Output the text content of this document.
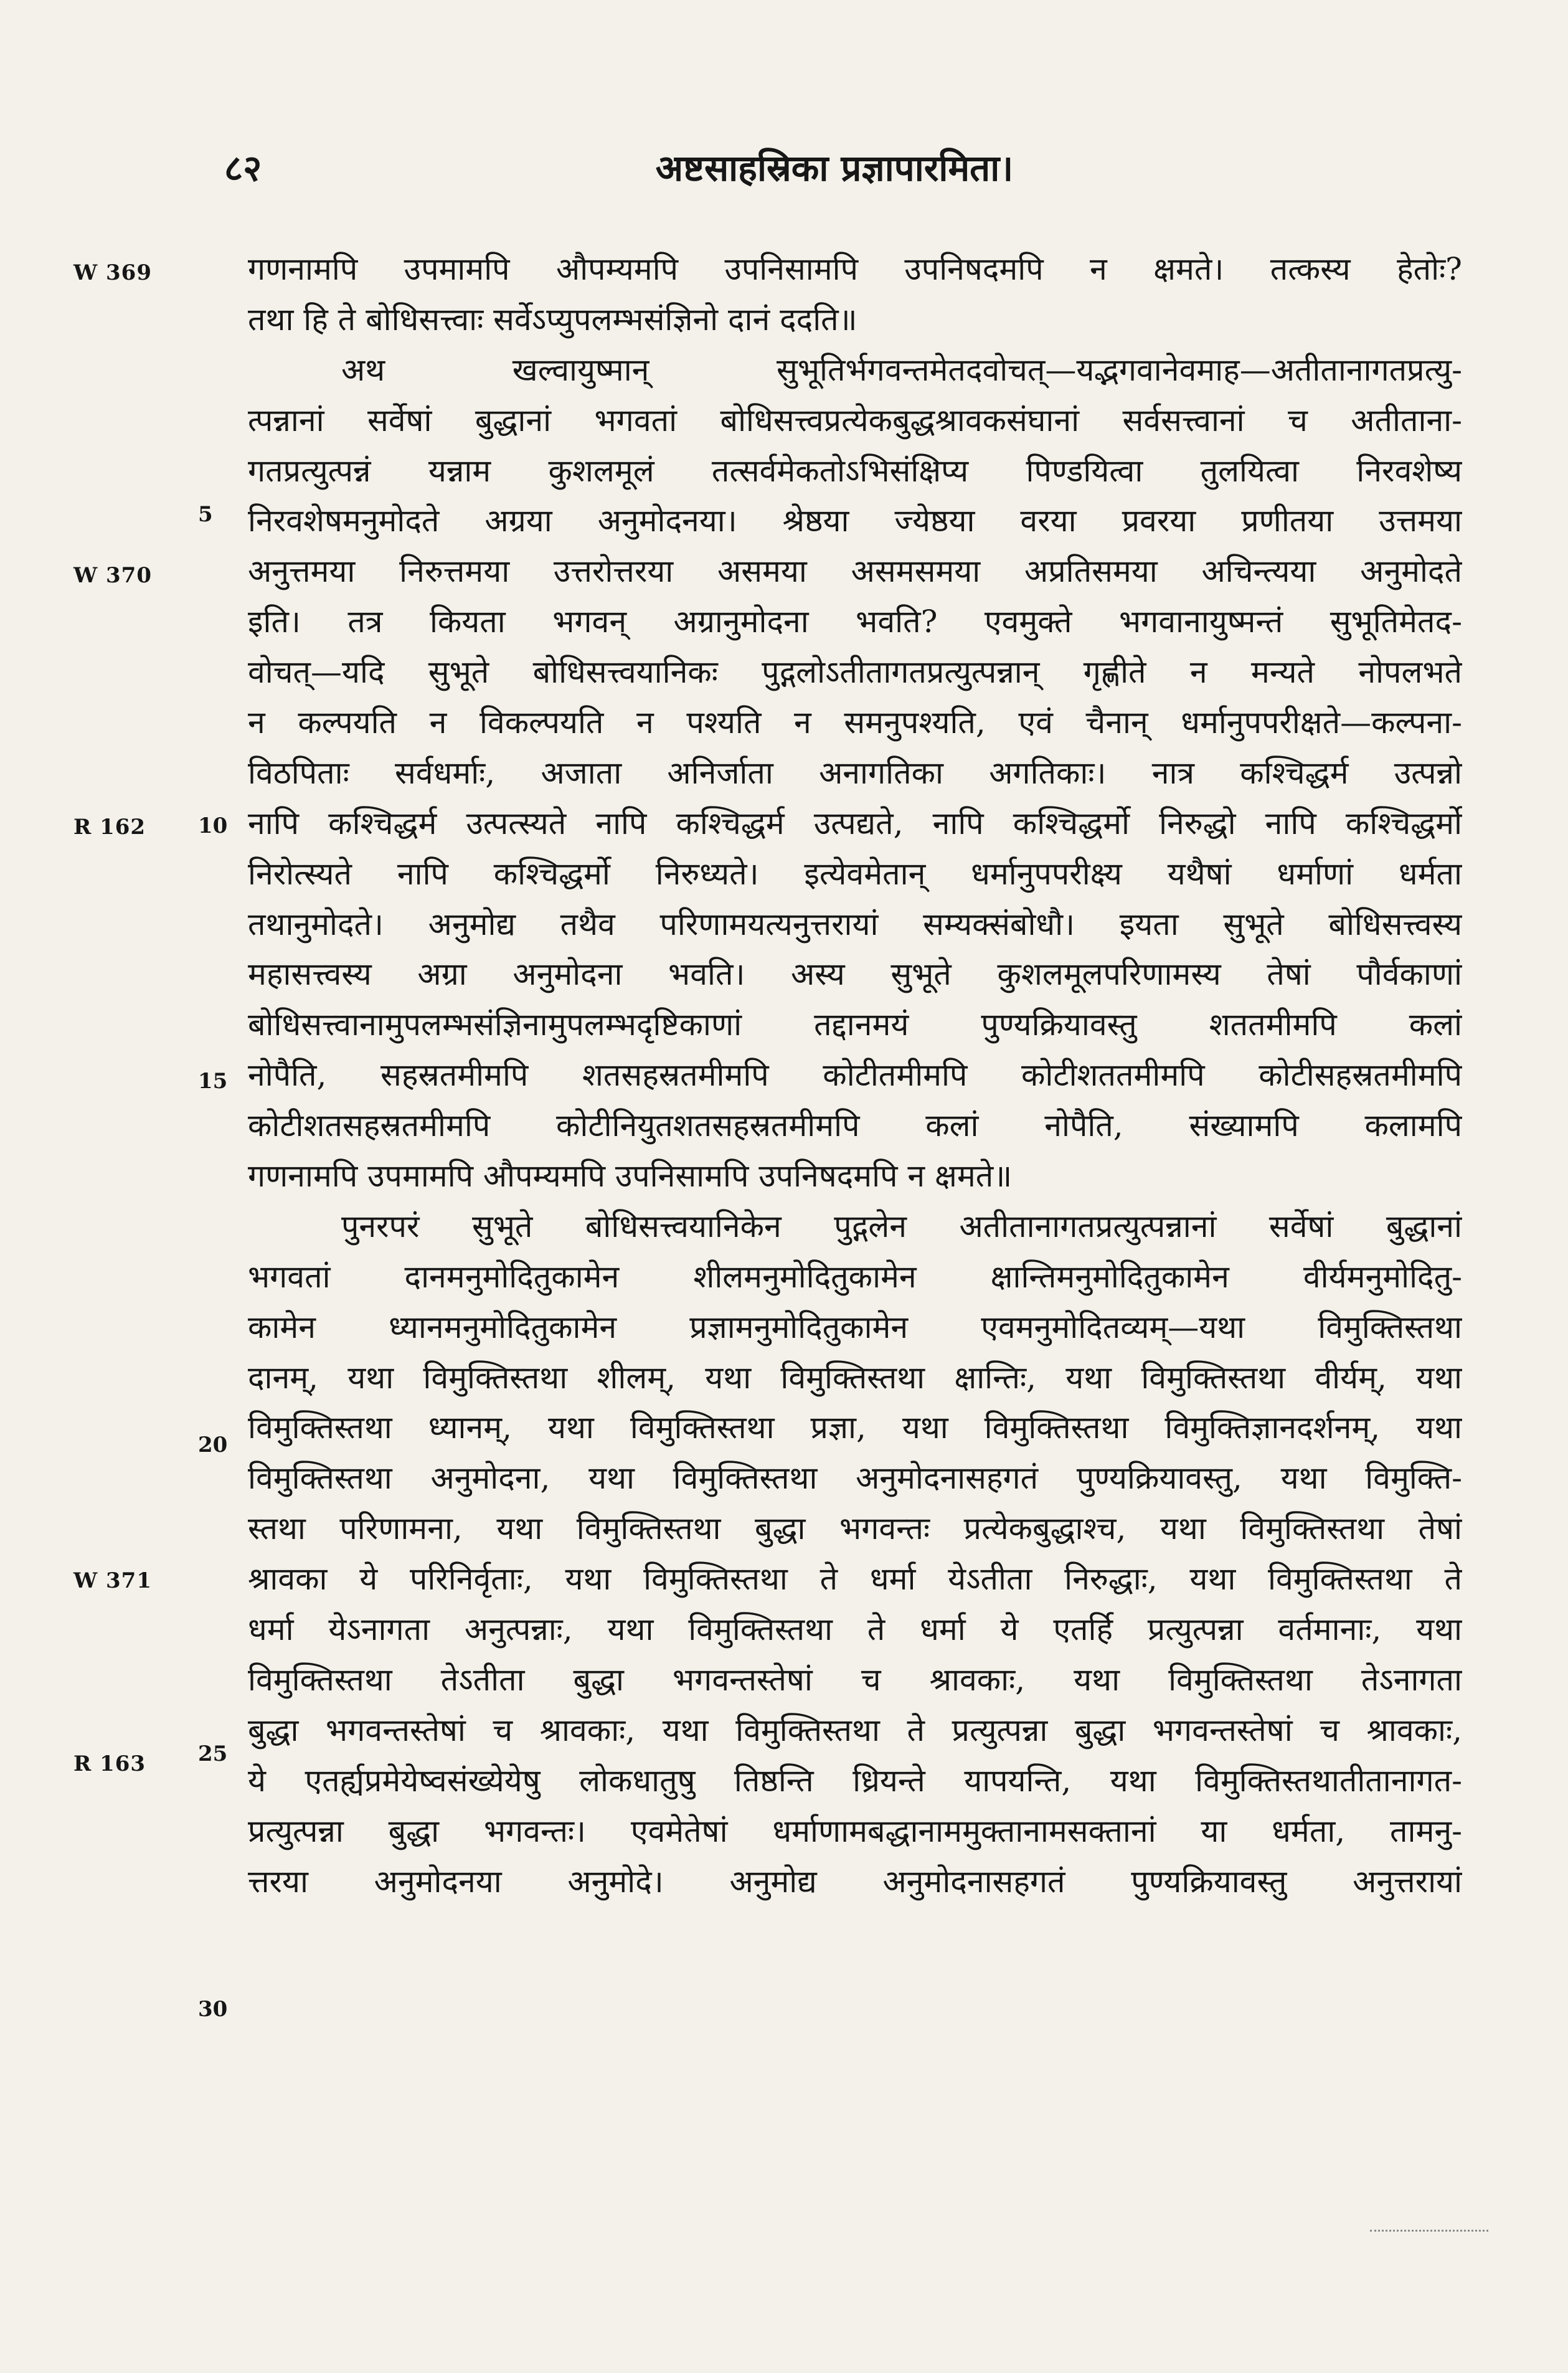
८२	अष्टसाहस्रिका प्रज्ञापारमिता।
W 369
W 370
R 162
W 371
R 163
5
10
15
20
25
30
गणनामपि उपमामपि औपम्यमपि उपनिसामपि उपनिषदमपि न क्षमते। तत्कस्य हेतोः?
तथा हि ते बोधिसत्त्वाः सर्वेऽप्युपलम्भसंज्ञिनो दानं ददति॥
अथ खल्वायुष्मान् सुभूतिर्भगवन्तमेतदवोचत्—यद्भगवानेवमाह—अतीतानागतप्रत्यु-
त्पन्नानां सर्वेषां बुद्धानां भगवतां बोधिसत्त्वप्रत्येकबुद्धश्रावकसंघानां सर्वसत्त्वानां च अतीताना-
गतप्रत्युत्पन्नं यन्नाम कुशलमूलं तत्सर्वमेकतोऽभिसंक्षिप्य पिण्डयित्वा तुलयित्वा निरवशेष्य
निरवशेषमनुमोदते अग्रया अनुमोदनया। श्रेष्ठया ज्येष्ठया वरया प्रवरया प्रणीतया उत्तमया
अनुत्तमया निरुत्तमया उत्तरोत्तरया असमया असमसमया अप्रतिसमया अचिन्त्यया अनुमोदते
इति। तत्र कियता भगवन् अग्रानुमोदना भवति? एवमुक्ते भगवानायुष्मन्तं सुभूतिमेतद-
वोचत्—यदि सुभूते बोधिसत्त्वयानिकः पुद्गलोऽतीतागतप्रत्युत्पन्नान् गृह्णीते न मन्यते नोपलभते
न कल्पयति न विकल्पयति न पश्यति न समनुपश्यति, एवं चैनान् धर्मानुपपरीक्षते—कल्पना-
विठपिताः सर्वधर्माः, अजाता अनिर्जाता अनागतिका अगतिकाः। नात्र कश्चिद्धर्म उत्पन्नो
नापि कश्चिद्धर्म उत्पत्स्यते नापि कश्चिद्धर्म उत्पद्यते, नापि कश्चिद्धर्मो निरुद्धो नापि कश्चिद्धर्मो
निरोत्स्यते नापि कश्चिद्धर्मो निरुध्यते। इत्येवमेतान् धर्मानुपपरीक्ष्य यथैषां धर्माणां धर्मता
तथानुमोदते। अनुमोद्य तथैव परिणामयत्यनुत्तरायां सम्यक्संबोधौ। इयता सुभूते बोधिसत्त्वस्य
महासत्त्वस्य अग्रा अनुमोदना भवति। अस्य सुभूते कुशलमूलपरिणामस्य तेषां पौर्वकाणां
बोधिसत्त्वानामुपलम्भसंज्ञिनामुपलम्भदृष्टिकाणां तद्दानमयं पुण्यक्रियावस्तु शततमीमपि कलां
नोपैति, सहस्रतमीमपि शतसहस्रतमीमपि कोटीतमीमपि कोटीशततमीमपि कोटीसहस्रतमीमपि
कोटीशतसहस्रतमीमपि कोटीनियुतशतसहस्रतमीमपि कलां नोपैति, संख्यामपि कलामपि
गणनामपि उपमामपि औपम्यमपि उपनिसामपि उपनिषदमपि न क्षमते॥
पुनरपरं सुभूते बोधिसत्त्वयानिकेन पुद्गलेन अतीतानागतप्रत्युत्पन्नानां सर्वेषां बुद्धानां
भगवतां दानमनुमोदितुकामेन शीलमनुमोदितुकामेन क्षान्तिमनुमोदितुकामेन वीर्यमनुमोदितु-
कामेन ध्यानमनुमोदितुकामेन प्रज्ञामनुमोदितुकामेन एवमनुमोदितव्यम्—यथा विमुक्तिस्तथा
दानम्, यथा विमुक्तिस्तथा शीलम्, यथा विमुक्तिस्तथा क्षान्तिः, यथा विमुक्तिस्तथा वीर्यम्, यथा
विमुक्तिस्तथा ध्यानम्, यथा विमुक्तिस्तथा प्रज्ञा, यथा विमुक्तिस्तथा विमुक्तिज्ञानदर्शनम्, यथा
विमुक्तिस्तथा अनुमोदना, यथा विमुक्तिस्तथा अनुमोदनासहगतं पुण्यक्रियावस्तु, यथा विमुक्ति-
स्तथा परिणामना, यथा विमुक्तिस्तथा बुद्धा भगवन्तः प्रत्येकबुद्धाश्च, यथा विमुक्तिस्तथा तेषां
श्रावका ये परिनिर्वृताः, यथा विमुक्तिस्तथा ते धर्मा येऽतीता निरुद्धाः, यथा विमुक्तिस्तथा ते
धर्मा येऽनागता अनुत्पन्नाः, यथा विमुक्तिस्तथा ते धर्मा ये एतर्हि प्रत्युत्पन्ना वर्तमानाः, यथा
विमुक्तिस्तथा तेऽतीता बुद्धा भगवन्तस्तेषां च श्रावकाः, यथा विमुक्तिस्तथा तेऽनागता
बुद्धा भगवन्तस्तेषां च श्रावकाः, यथा विमुक्तिस्तथा ते प्रत्युत्पन्ना बुद्धा भगवन्तस्तेषां च श्रावकाः,
ये एतर्ह्यप्रमेयेष्वसंख्येयेषु लोकधातुषु तिष्ठन्ति ध्रियन्ते यापयन्ति, यथा विमुक्तिस्तथातीतानागत-
प्रत्युत्पन्ना बुद्धा भगवन्तः। एवमेतेषां धर्माणामबद्धानाममुक्तानामसक्तानां या धर्मता, तामनु-
त्तरया अनुमोदनया अनुमोदे। अनुमोद्य अनुमोदनासहगतं पुण्यक्रियावस्तु अनुत्तरायां
